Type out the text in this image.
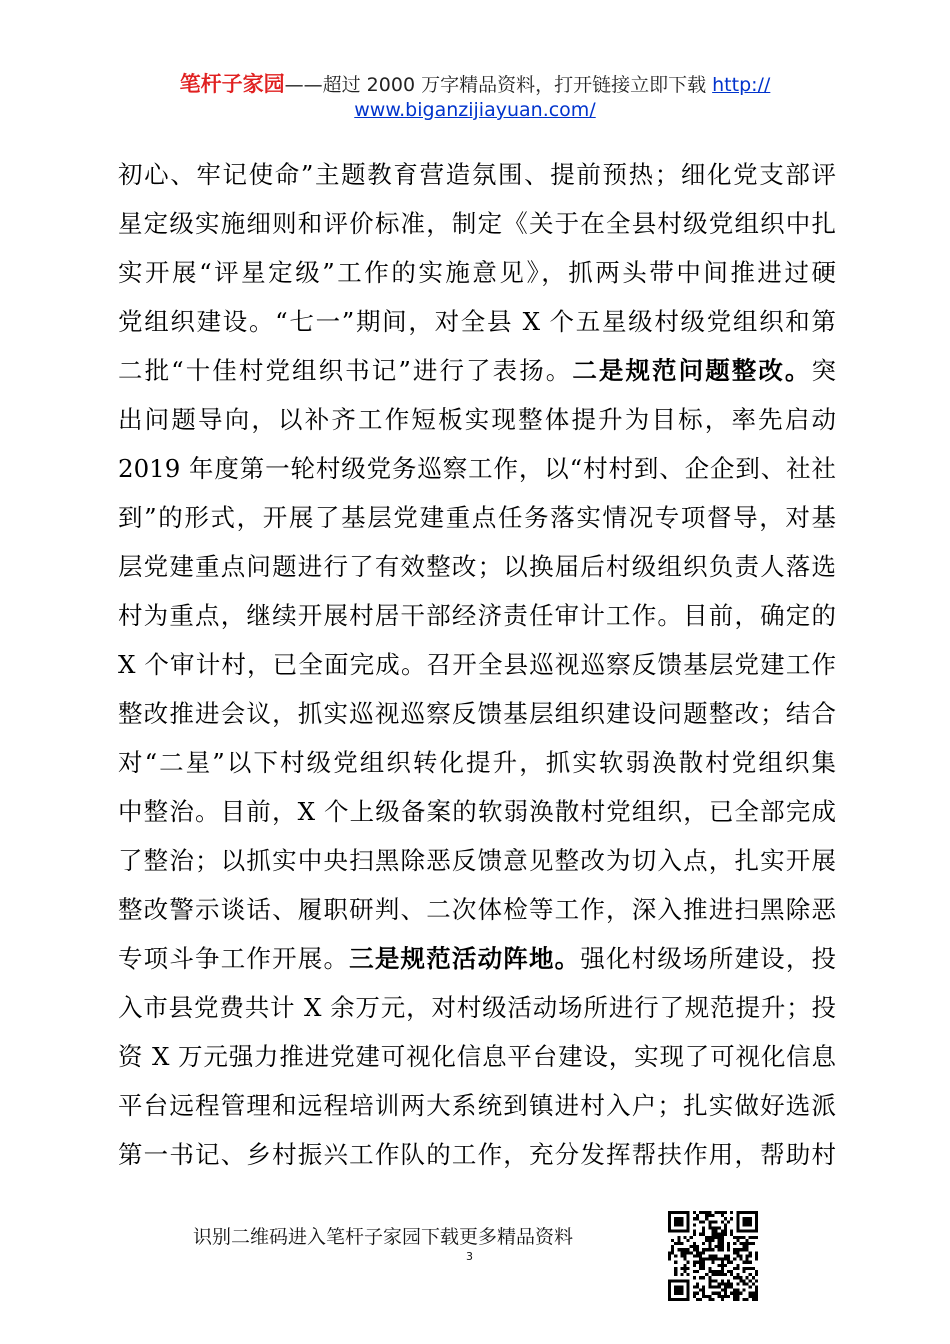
笔杆子家园——超过 2000 万字精品资料，打开链接立即下载 http://
www.biganzijiayuan.com/
初心、牢记使命”主题教育营造氛围、提前预热；细化党支部评
星定级实施细则和评价标准，制定《关于在全县村级党组织中扎
实开展“评星定级”工作的实施意见》，抓两头带中间推进过硬
党组织建设。“七一”期间，对全县 X 个五星级村级党组织和第
二批“十佳村党组织书记”进行了表扬。二是规范问题整改。突
出问题导向，以补齐工作短板实现整体提升为目标，率先启动
2019 年度第一轮村级党务巡察工作，以“村村到、企企到、社社
到”的形式，开展了基层党建重点任务落实情况专项督导，对基
层党建重点问题进行了有效整改；以换届后村级组织负责人落选
村为重点，继续开展村居干部经济责任审计工作。目前，确定的
X 个审计村，已全面完成。召开全县巡视巡察反馈基层党建工作
整改推进会议，抓实巡视巡察反馈基层组织建设问题整改；结合
对“二星”以下村级党组织转化提升，抓实软弱涣散村党组织集
中整治。目前，X 个上级备案的软弱涣散村党组织，已全部完成
了整治；以抓实中央扫黑除恶反馈意见整改为切入点，扎实开展
整改警示谈话、履职研判、二次体检等工作，深入推进扫黑除恶
专项斗争工作开展。三是规范活动阵地。强化村级场所建设，投
入市县党费共计 X 余万元，对村级活动场所进行了规范提升；投
资 X 万元强力推进党建可视化信息平台建设，实现了可视化信息
平台远程管理和远程培训两大系统到镇进村入户；扎实做好选派
第一书记、乡村振兴工作队的工作，充分发挥帮扶作用，帮助村
识别二维码进入笔杆子家园下载更多精品资料
3
